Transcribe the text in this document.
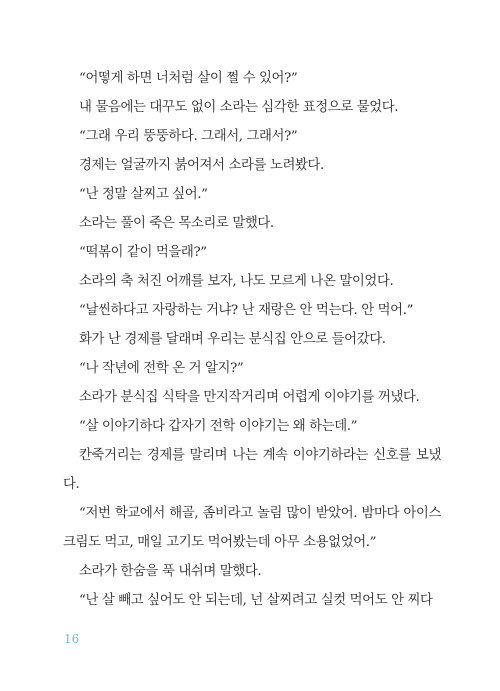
“어떻게 하면 너처럼 살이 쩔 수 있어?”

내 물음에는 대꾸도 없이 소라는 심각한 표정으로 물었다.

“그래 우리 뚱뚱하다. 그래서, 그래서?”

경제는 얼굴까지 붉어져서 소라를 노려봤다.

“난 정말 살찌고 싶어.”

소라는 풀이 죽은 목소리로 말했다.

“떡볶이 같이 먹을래?”

소라의 축 처진 어깨를 보자, 나도 모르게 나온 말이었다.

“날씬하다고 자랑하는 거냐? 난 재랑은 안 먹는다. 안 먹어.”

화가 난 경제를 달래며 우리는 분식집 안으로 들어갔다.

“나 작년에 전학 온 거 알지?”

소라가 분식집 식탁을 만지작거리며 어렵게 이야기를 꺼냈다.

“살 이야기하다 갑자기 전학 이야기는 왜 하는데.”

칸죽거리는 경제를 말리며 나는 계속 이야기하라는 신호를 보냈다.

“저번 학교에서 해골, 좀비라고 놀림 많이 받았어. 밤마다 아이스크림도 먹고, 매일 고기도 먹어봤는데 아무 소용없었어.”

소라가 한숨을 푹 내쉬며 말했다.

“난 살 빼고 싶어도 안 되는데, 넌 살찌려고 실컷 먹어도 안 찌다

16
